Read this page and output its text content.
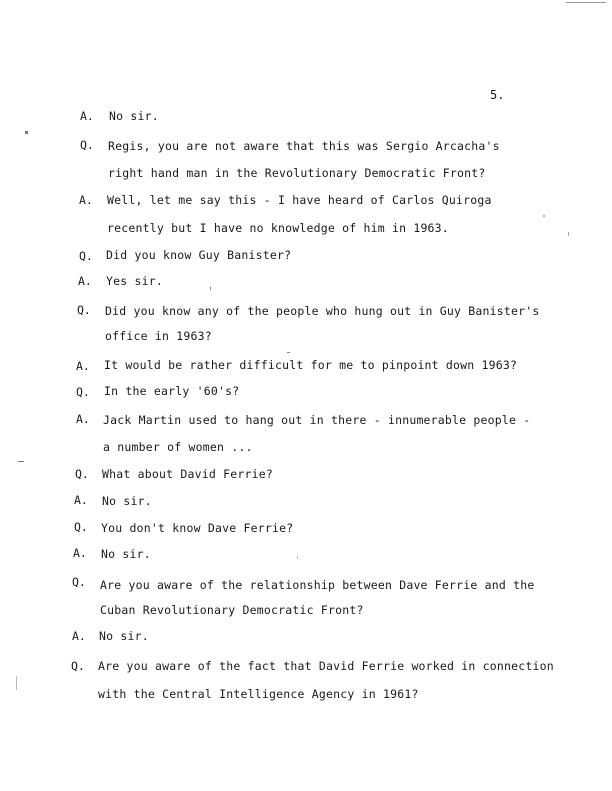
5.
A. No sir.
Q. Regis, you are not aware that this was Sergio Arcacha's
right hand man in the Revolutionary Democratic Front?
A. Well, let me say this - I have heard of Carlos Quiroga
recently but I have no knowledge of him in 1963.
Q. Did you know Guy Banister?
A. Yes sir.
Q. Did you know any of the people who hung out in Guy Banister's
office in 1963?
A. It would be rather difficult for me to pinpoint down 1963?
Q. In the early '60's?
A. Jack Martin used to hang out in there - innumerable people -
a number of women ...
Q. What about David Ferrie?
A. No sir.
Q. You don't know Dave Ferrie?
A. No sir.
Q. Are you aware of the relationship between Dave Ferrie and the
Cuban Revolutionary Democratic Front?
A. No sir.
Q. Are you aware of the fact that David Ferrie worked in connection
with the Central Intelligence Agency in 1961?
